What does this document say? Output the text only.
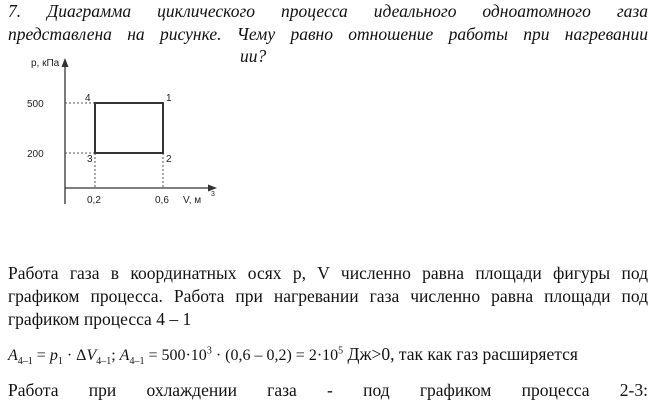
7. Диаграмма циклического процесса идеального одноатомного газа
представлена на рисунке. Чему равно отношение работы при нагревании
ии?
р, кПа
500
200
0,2	0,6 V, м
3
1
2
3
4
Работа газа в координатных осях р, V численно равна площади фигуры под
графиком процесса. Работа при нагревании газа численно равна площади под
графиком процесса 4 – 1
$A_{4-1} = p_1 \cdot \Delta V_{4-1}$; $A_{4-1} = 500\cdot 10^3 \cdot (0,6 - 0,2) = 2\cdot 10^5$ Дж>0, так как газ расширяется
Работа при охлаждении газа - под графиком процесса 2-3:
